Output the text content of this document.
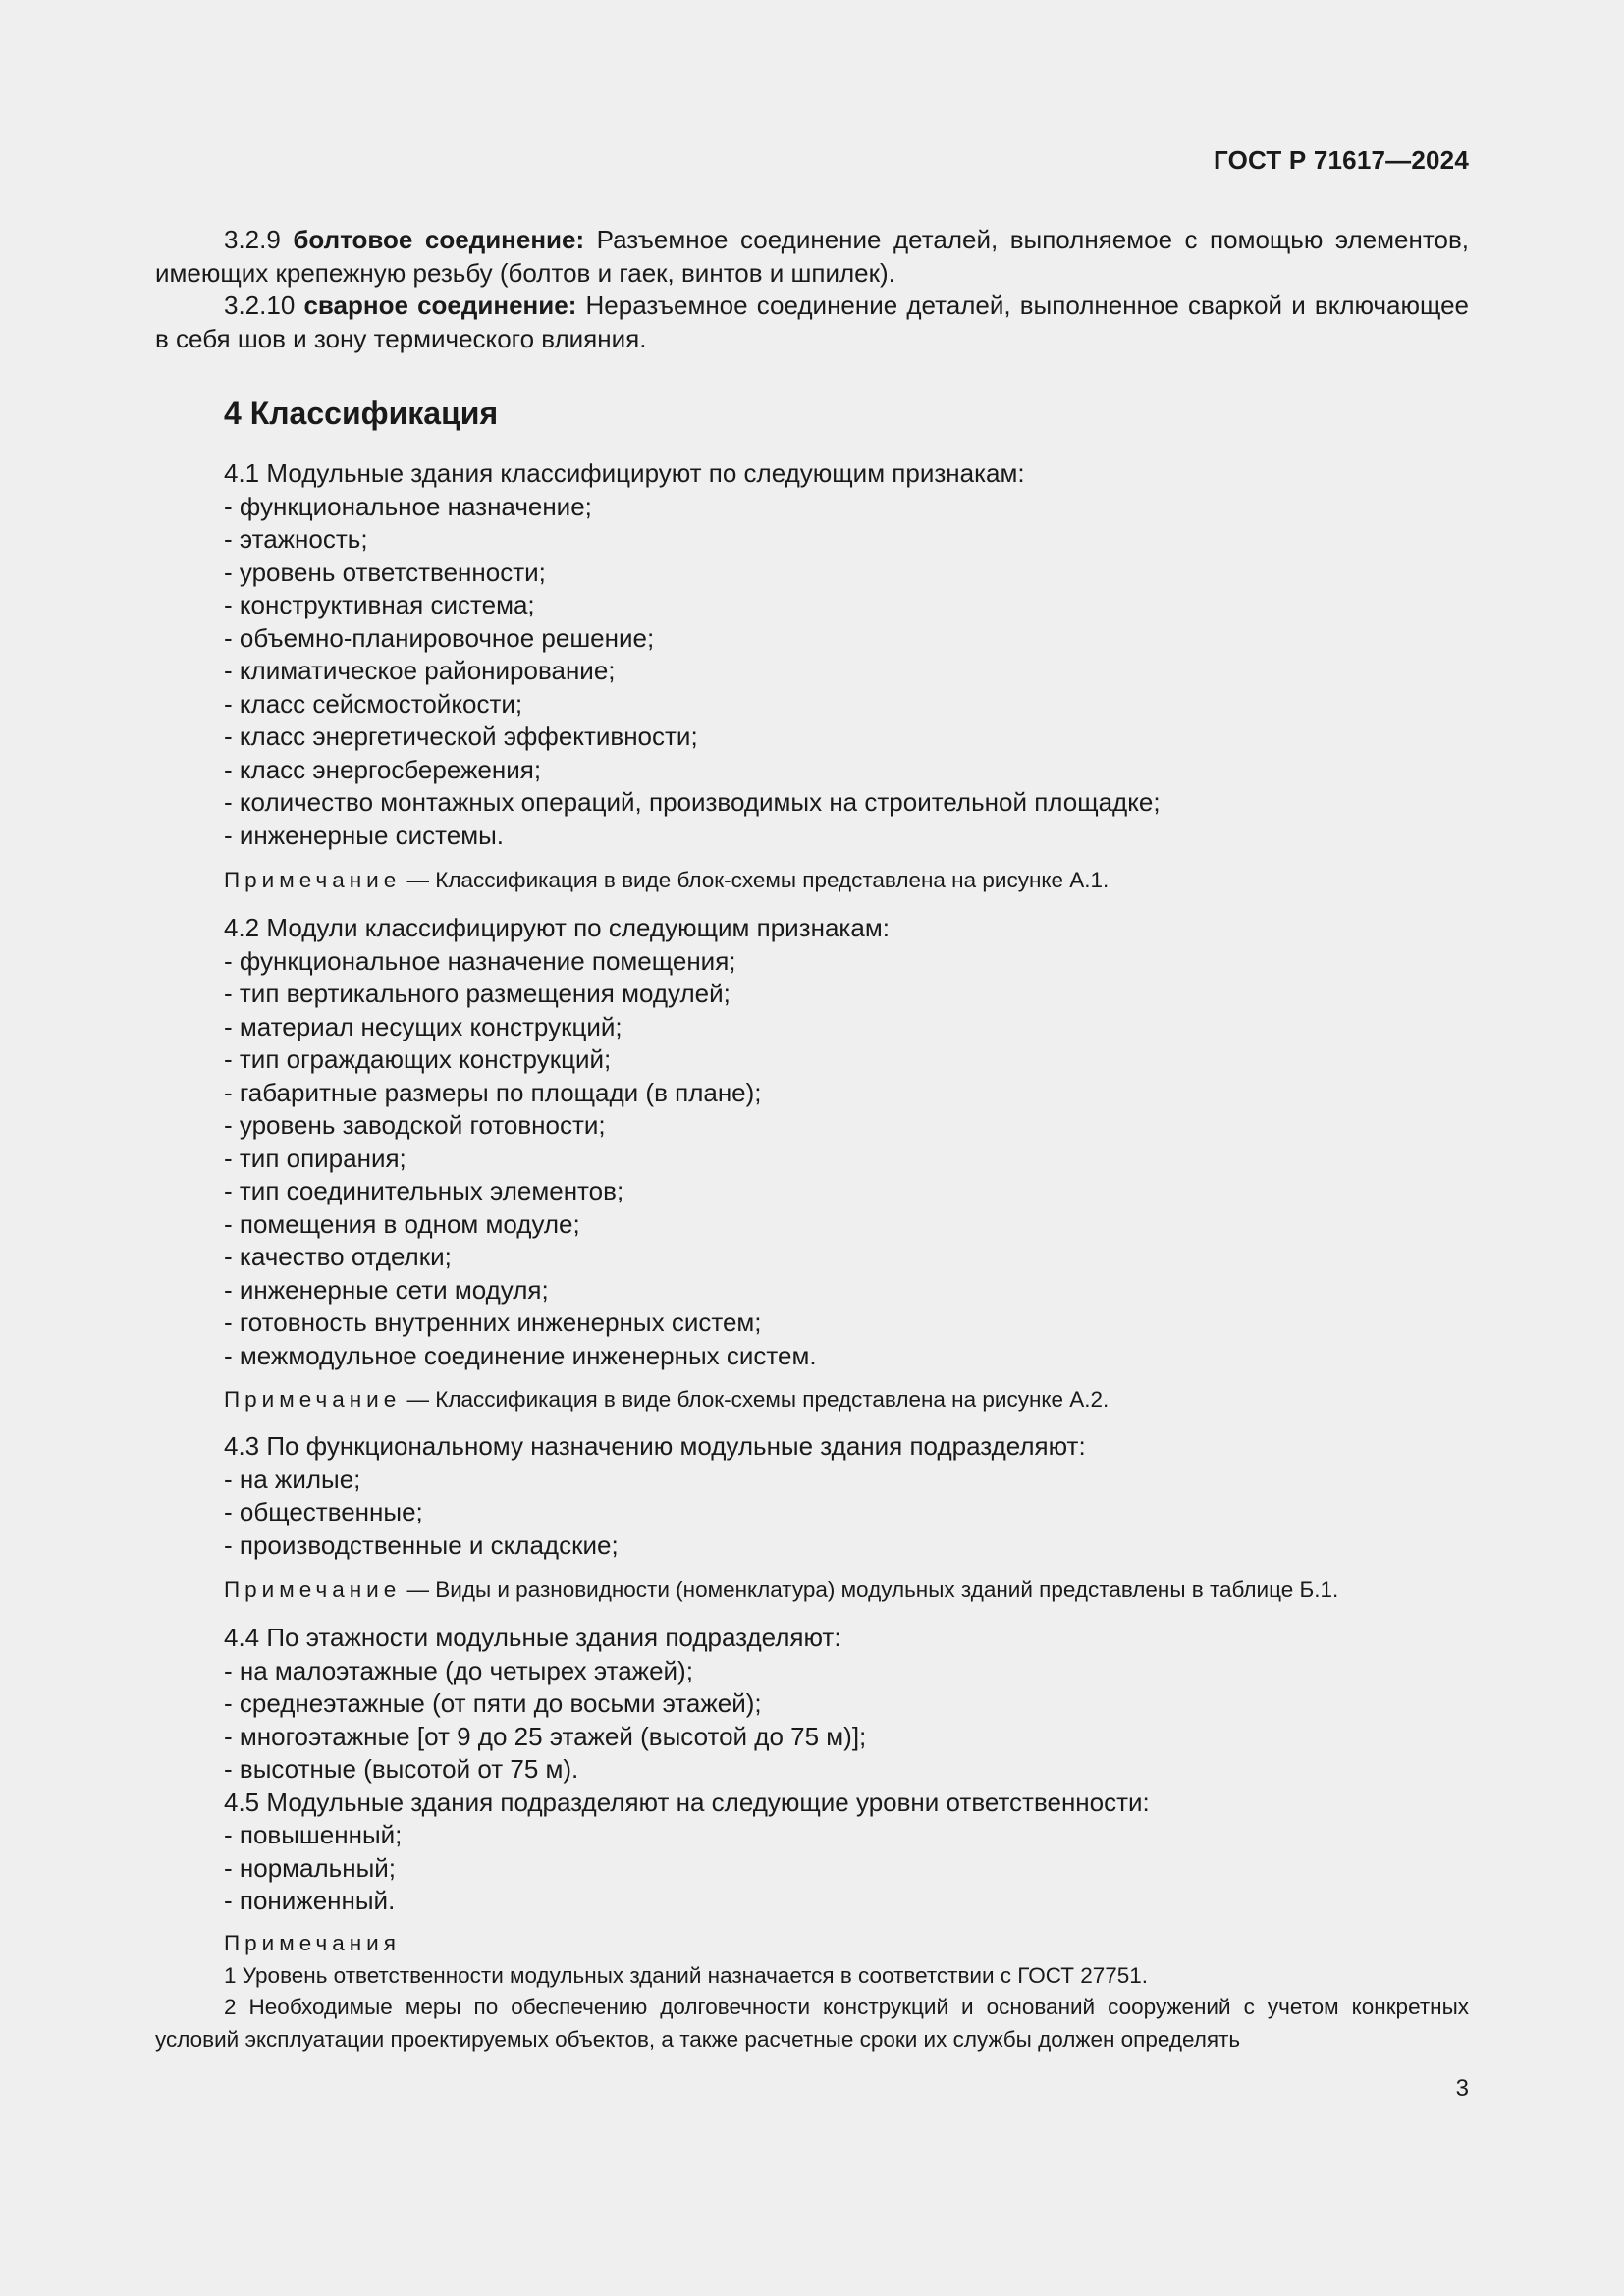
ГОСТ Р 71617—2024

3.2.9 болтовое соединение: Разъемное соединение деталей, выполняемое с помощью элементов, имеющих крепежную резьбу (болтов и гаек, винтов и шпилек).

3.2.10 сварное соединение: Неразъемное соединение деталей, выполненное сваркой и включающее в себя шов и зону термического влияния.

4 Классификация

4.1 Модульные здания классифицируют по следующим признакам:

- функциональное назначение;

- этажность;

- уровень ответственности;

- конструктивная система;

- объемно-планировочное решение;

- климатическое районирование;

- класс сейсмостойкости;

- класс энергетической эффективности;

- класс энергосбережения;

- количество монтажных операций, производимых на строительной площадке;

- инженерные системы.

Примечание — Классификация в виде блок-схемы представлена на рисунке А.1.

4.2 Модули классифицируют по следующим признакам:

- функциональное назначение помещения;

- тип вертикального размещения модулей;

- материал несущих конструкций;

- тип ограждающих конструкций;

- габаритные размеры по площади (в плане);

- уровень заводской готовности;

- тип опирания;

- тип соединительных элементов;

- помещения в одном модуле;

- качество отделки;

- инженерные сети модуля;

- готовность внутренних инженерных систем;

- межмодульное соединение инженерных систем.

Примечание — Классификация в виде блок-схемы представлена на рисунке А.2.

4.3 По функциональному назначению модульные здания подразделяют:

- на жилые;

- общественные;

- производственные и складские;

Примечание — Виды и разновидности (номенклатура) модульных зданий представлены в таблице Б.1.

4.4 По этажности модульные здания подразделяют:

- на малоэтажные (до четырех этажей);

- среднеэтажные (от пяти до восьми этажей);

- многоэтажные [от 9 до 25 этажей (высотой до 75 м)];

- высотные (высотой от 75 м).

4.5 Модульные здания подразделяют на следующие уровни ответственности:

- повышенный;

- нормальный;

- пониженный.

Примечания

1 Уровень ответственности модульных зданий назначается в соответствии с ГОСТ 27751.

2 Необходимые меры по обеспечению долговечности конструкций и оснований сооружений с учетом конкретных условий эксплуатации проектируемых объектов, а также расчетные сроки их службы должен определять

3
